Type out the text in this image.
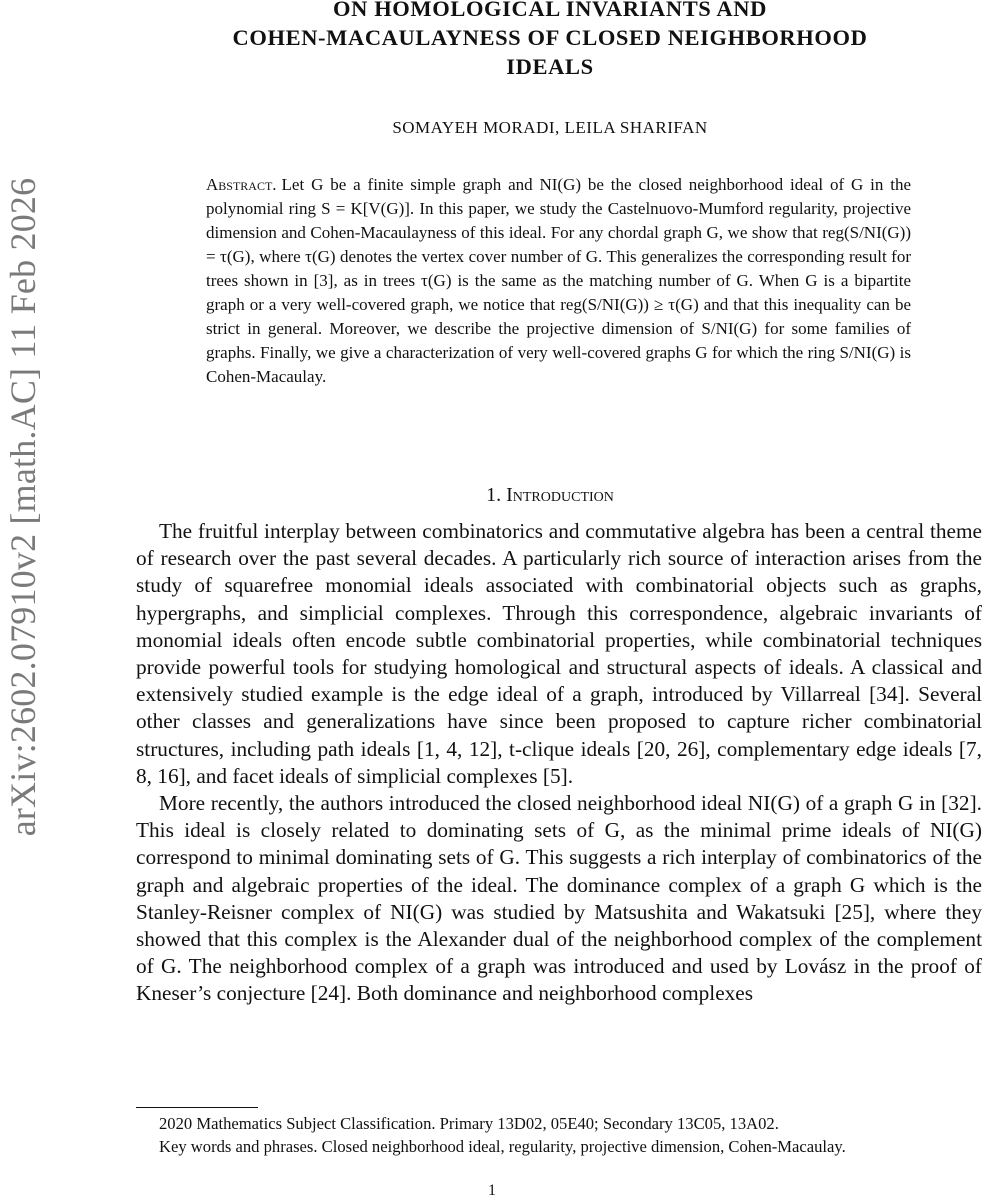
arXiv:2602.07910v2 [math.AC] 11 Feb 2026
ON HOMOLOGICAL INVARIANTS AND
COHEN-MACAULAYNESS OF CLOSED NEIGHBORHOOD
IDEALS
SOMAYEH MORADI, LEILA SHARIFAN
Abstract. Let G be a finite simple graph and NI(G) be the closed neighborhood ideal of G in the polynomial ring S = K[V(G)]. In this paper, we study the Castelnuovo-Mumford regularity, projective dimension and Cohen-Macaulayness of this ideal. For any chordal graph G, we show that reg(S/NI(G)) = τ(G), where τ(G) denotes the vertex cover number of G. This generalizes the corresponding result for trees shown in [3], as in trees τ(G) is the same as the matching number of G. When G is a bipartite graph or a very well-covered graph, we notice that reg(S/NI(G)) ≥ τ(G) and that this inequality can be strict in general. Moreover, we describe the projective dimension of S/NI(G) for some families of graphs. Finally, we give a characterization of very well-covered graphs G for which the ring S/NI(G) is Cohen-Macaulay.
1. Introduction

The fruitful interplay between combinatorics and commutative algebra has been a central theme of research over the past several decades. A particularly rich source of interaction arises from the study of squarefree monomial ideals associated with combinatorial objects such as graphs, hypergraphs, and simplicial complexes. Through this correspondence, algebraic invariants of monomial ideals often encode subtle combinatorial properties, while combinatorial techniques provide powerful tools for studying homological and structural aspects of ideals. A classical and extensively studied example is the edge ideal of a graph, introduced by Villarreal [34]. Several other classes and generalizations have since been proposed to capture richer combinatorial structures, including path ideals [1, 4, 12], t-clique ideals [20, 26], complementary edge ideals [7, 8, 16], and facet ideals of simplicial complexes [5].

More recently, the authors introduced the closed neighborhood ideal NI(G) of a graph G in [32]. This ideal is closely related to dominating sets of G, as the minimal prime ideals of NI(G) correspond to minimal dominating sets of G. This suggests a rich interplay of combinatorics of the graph and algebraic properties of the ideal. The dominance complex of a graph G which is the Stanley-Reisner complex of NI(G) was studied by Matsushita and Wakatsuki [25], where they showed that this complex is the Alexander dual of the neighborhood complex of the complement of G. The neighborhood complex of a graph was introduced and used by Lovász in the proof of Kneser’s conjecture [24]. Both dominance and neighborhood complexes

2020 Mathematics Subject Classification. Primary 13D02, 05E40; Secondary 13C05, 13A02.

Key words and phrases. Closed neighborhood ideal, regularity, projective dimension, Cohen-Macaulay.

1
